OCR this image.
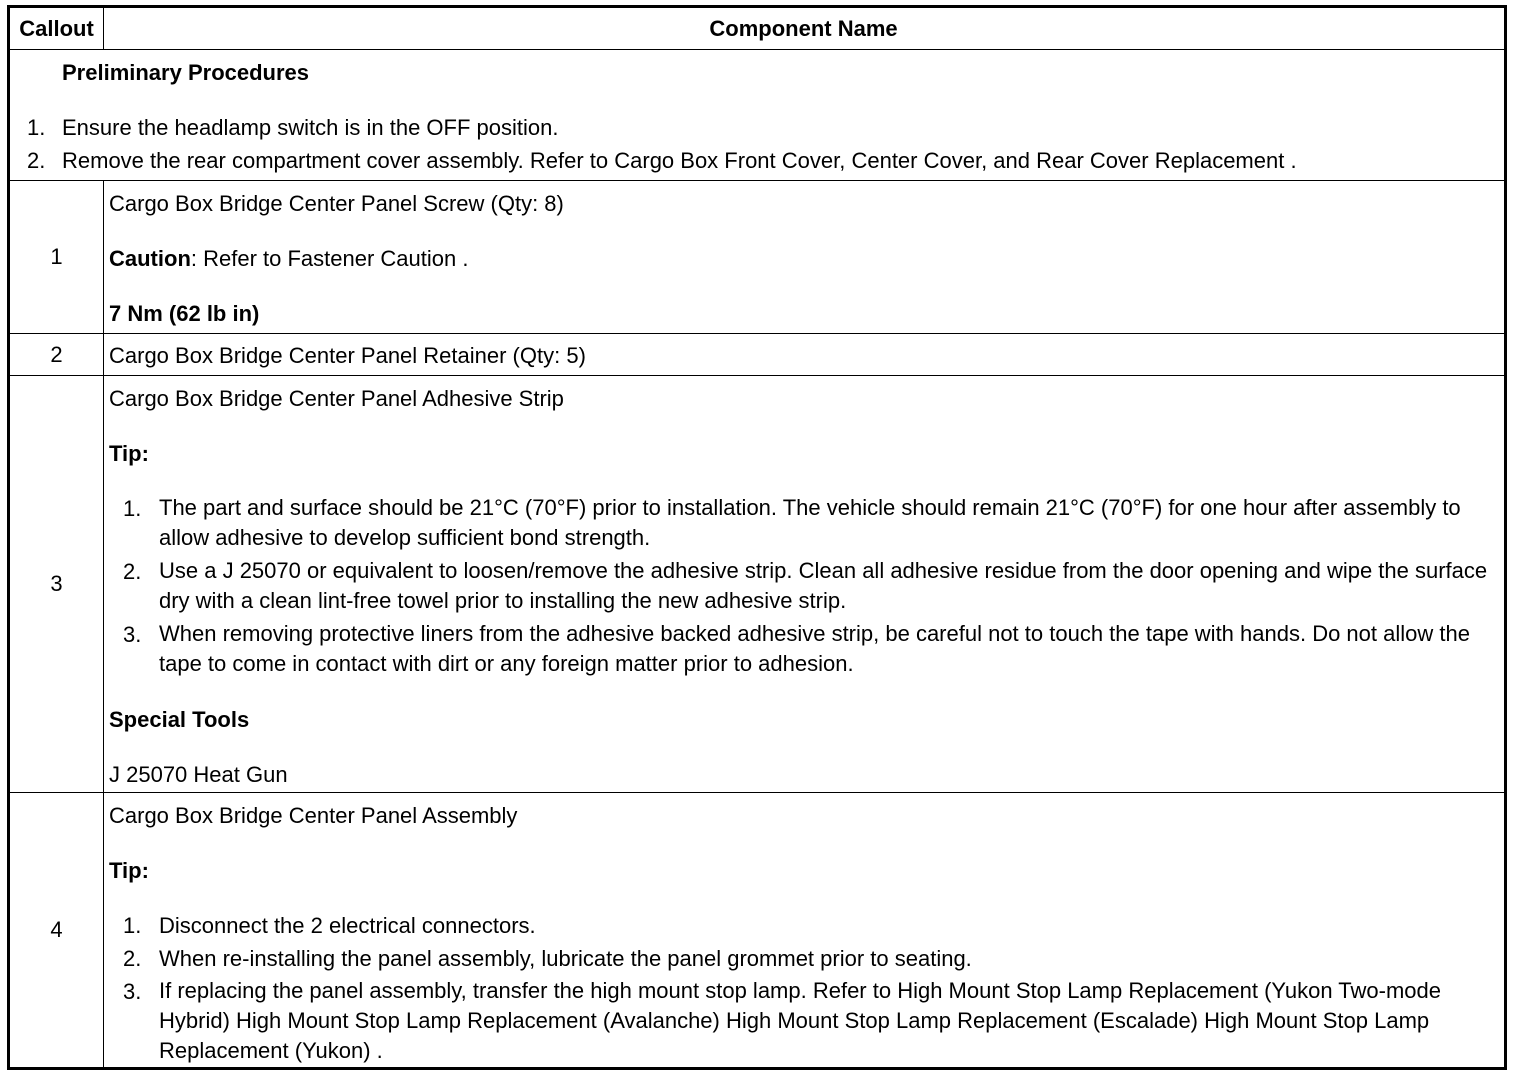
Callout	Component Name
Preliminary Procedures
1. Ensure the headlamp switch is in the OFF position.
2. Remove the rear compartment cover assembly. Refer to Cargo Box Front Cover, Center Cover, and Rear Cover Replacement .
1
Cargo Box Bridge Center Panel Screw (Qty: 8)
Caution: Refer to Fastener Caution .
7 Nm (62 lb in)
2	Cargo Box Bridge Center Panel Retainer (Qty: 5)
3
Cargo Box Bridge Center Panel Adhesive Strip
Tip:
1. The part and surface should be 21°C (70°F) prior to installation. The vehicle should remain 21°C (70°F) for one hour after assembly to allow adhesive to develop sufficient bond strength.
2. Use a J 25070 or equivalent to loosen/remove the adhesive strip. Clean all adhesive residue from the door opening and wipe the surface dry with a clean lint-free towel prior to installing the new adhesive strip.
3. When removing protective liners from the adhesive backed adhesive strip, be careful not to touch the tape with hands. Do not allow the tape to come in contact with dirt or any foreign matter prior to adhesion.
Special Tools
J 25070 Heat Gun
4
Cargo Box Bridge Center Panel Assembly
Tip:
1. Disconnect the 2 electrical connectors.
2. When re-installing the panel assembly, lubricate the panel grommet prior to seating.
3. If replacing the panel assembly, transfer the high mount stop lamp. Refer to High Mount Stop Lamp Replacement (Yukon Two-mode Hybrid) High Mount Stop Lamp Replacement (Avalanche) High Mount Stop Lamp Replacement (Escalade) High Mount Stop Lamp Replacement (Yukon) .
